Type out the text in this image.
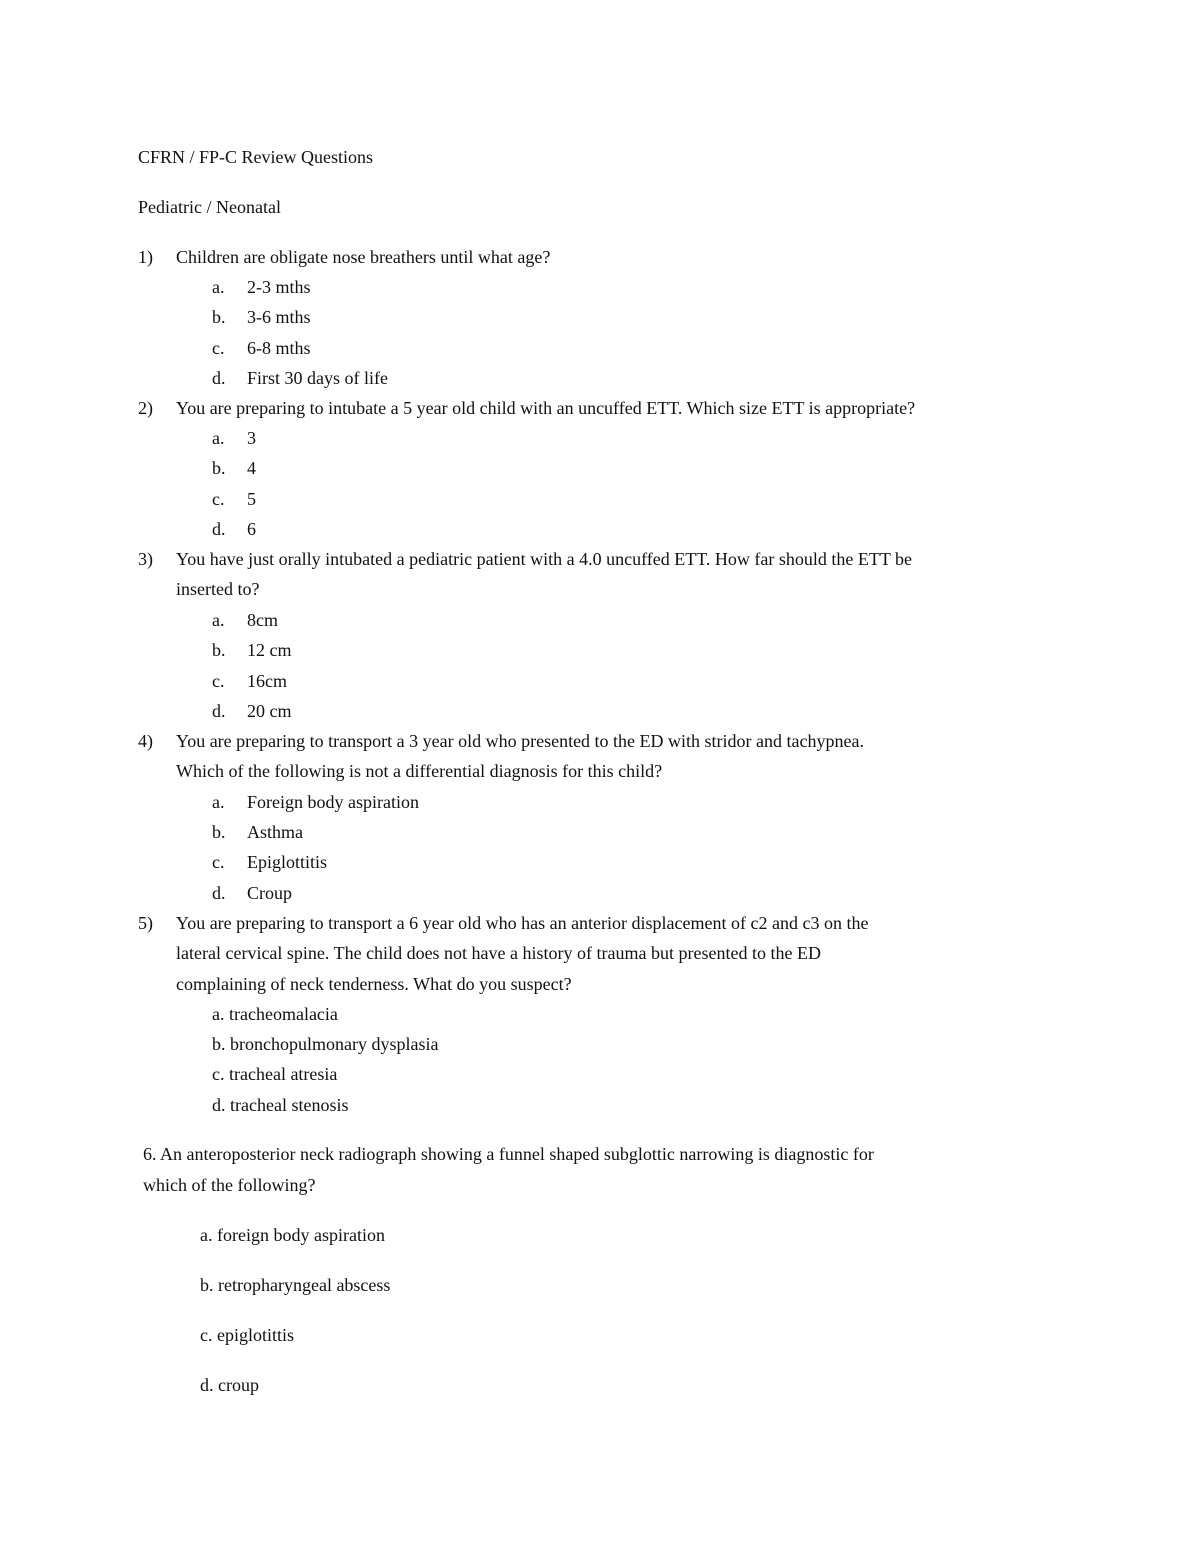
CFRN / FP-C Review Questions
Pediatric / Neonatal
1) Children are obligate nose breathers until what age?
a. 2-3 mths
b. 3-6 mths
c. 6-8 mths
d. First 30 days of life
2) You are preparing to intubate a 5 year old child with an uncuffed ETT. Which size ETT is appropriate?
a. 3
b. 4
c. 5
d. 6
3) You have just orally intubated a pediatric patient with a 4.0 uncuffed ETT. How far should the ETT be
inserted to?
a. 8cm
b. 12 cm
c. 16cm
d. 20 cm
4) You are preparing to transport a 3 year old who presented to the ED with stridor and tachypnea.
Which of the following is not a differential diagnosis for this child?
a. Foreign body aspiration
b. Asthma
c. Epiglottitis
d. Croup
5) You are preparing to transport a 6 year old who has an anterior displacement of c2 and c3 on the
lateral cervical spine. The child does not have a history of trauma but presented to the ED
complaining of neck tenderness. What do you suspect?
a. tracheomalacia
b. bronchopulmonary dysplasia
c. tracheal atresia
d. tracheal stenosis
6. An anteroposterior neck radiograph showing a funnel shaped subglottic narrowing is diagnostic for
which of the following?
a. foreign body aspiration
b. retropharyngeal abscess
c. epiglotittis
d. croup
